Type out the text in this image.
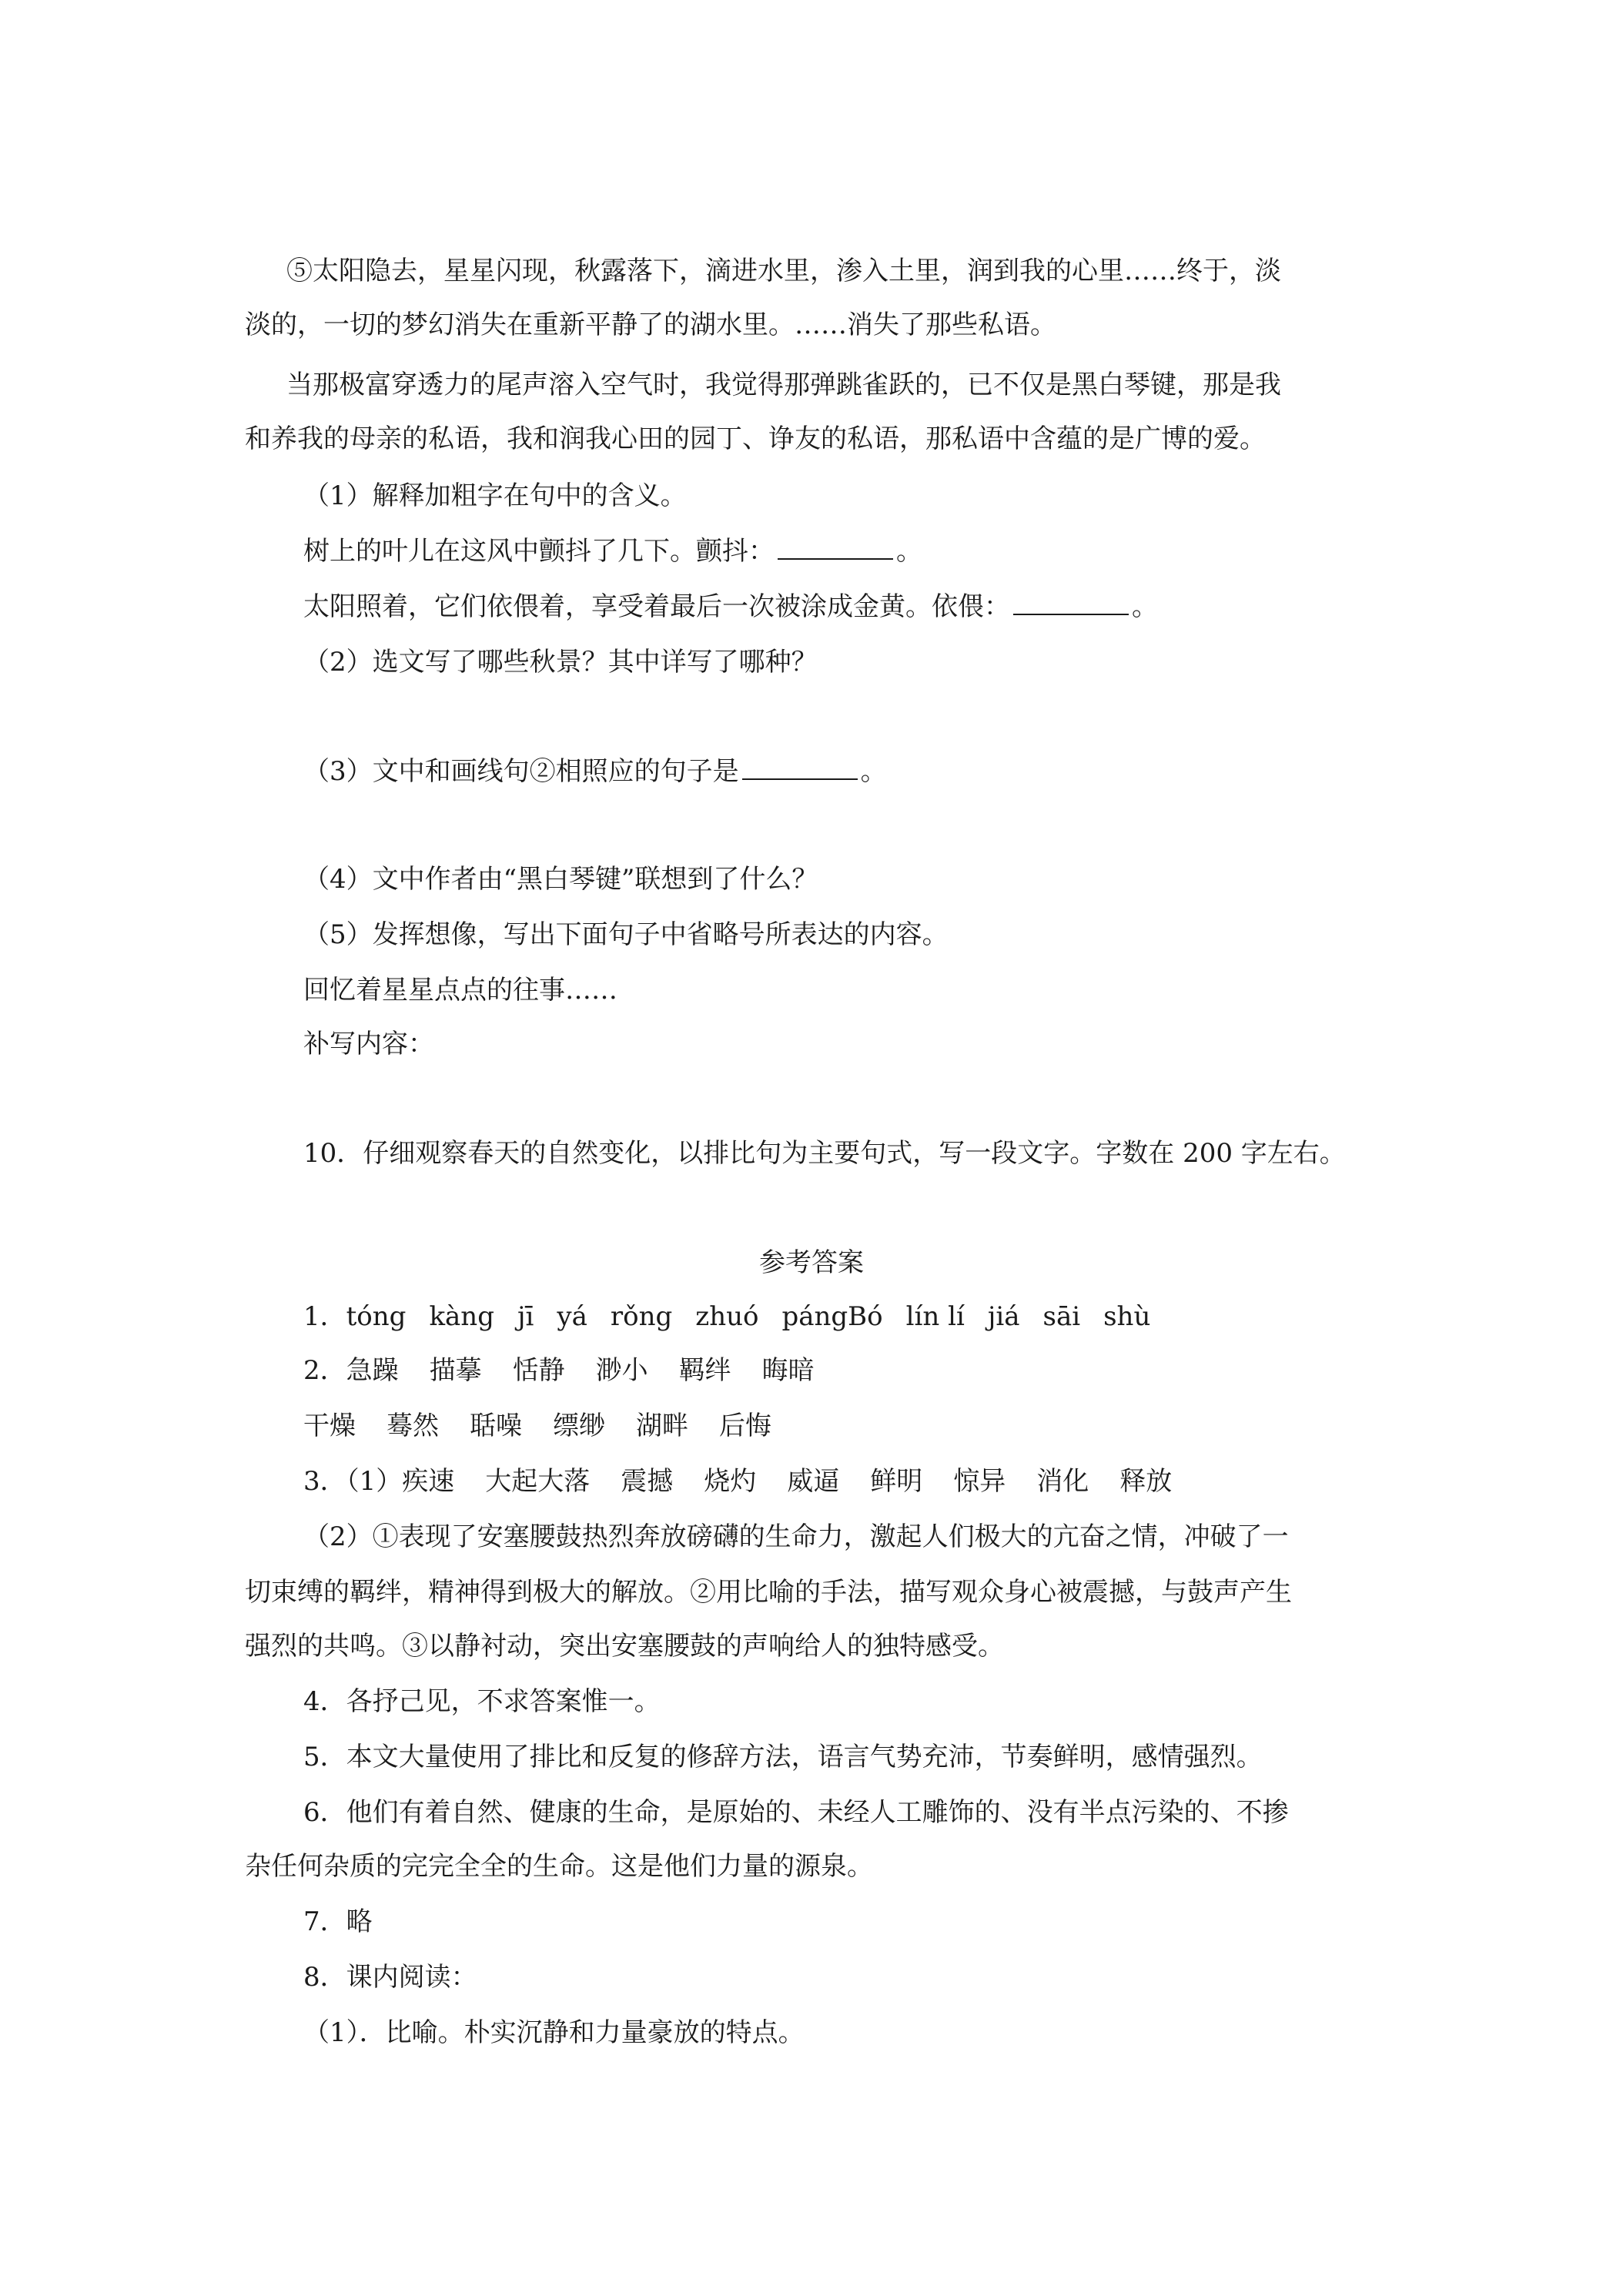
⑤太阳隐去，星星闪现，秋露落下，滴进水里，渗入土里，润到我的心里……终于，淡
淡的，一切的梦幻消失在重新平静了的湖水里。……消失了那些私语。
当那极富穿透力的尾声溶入空气时，我觉得那弹跳雀跃的，已不仅是黑白琴键，那是我
和养我的母亲的私语，我和润我心田的园丁、诤友的私语，那私语中含蕴的是广博的爱。
（1）解释加粗字在句中的含义。
树上的叶儿在这风中颤抖了几下。颤抖：	。
太阳照着，它们依偎着，享受着最后一次被涂成金黄。依偎：	。
（2）选文写了哪些秋景？其中详写了哪种？
（3）文中和画线句②相照应的句子是	。
（4）文中作者由“黑白琴键”联想到了什么？
（5）发挥想像，写出下面句子中省略号所表达的内容。
回忆着星星点点的往事……
补写内容：
10．仔细观察春天的自然变化，以排比句为主要句式，写一段文字。字数在 200 字左右。
参考答案
1．tóng kàng jī yá rǒng zhuó pángBó lín lí jiá sāi shù
2．急躁 描摹 恬静 渺小 羁绊 晦暗
干燥 蓦然 聒噪 缥缈 湖畔 后悔
3．（1）疾速 大起大落 震撼 烧灼 威逼 鲜明 惊异 消化 释放
（2）①表现了安塞腰鼓热烈奔放磅礴的生命力，激起人们极大的亢奋之情，冲破了一
切束缚的羁绊，精神得到极大的解放。②用比喻的手法，描写观众身心被震撼，与鼓声产生
强烈的共鸣。③以静衬动，突出安塞腰鼓的声响给人的独特感受。
4．各抒己见，不求答案惟一。
5．本文大量使用了排比和反复的修辞方法，语言气势充沛，节奏鲜明，感情强烈。
6．他们有着自然、健康的生命，是原始的、未经人工雕饰的、没有半点污染的、不掺
杂任何杂质的完完全全的生命。这是他们力量的源泉。
7．略
8．课内阅读：
（1）．比喻。朴实沉静和力量豪放的特点。
